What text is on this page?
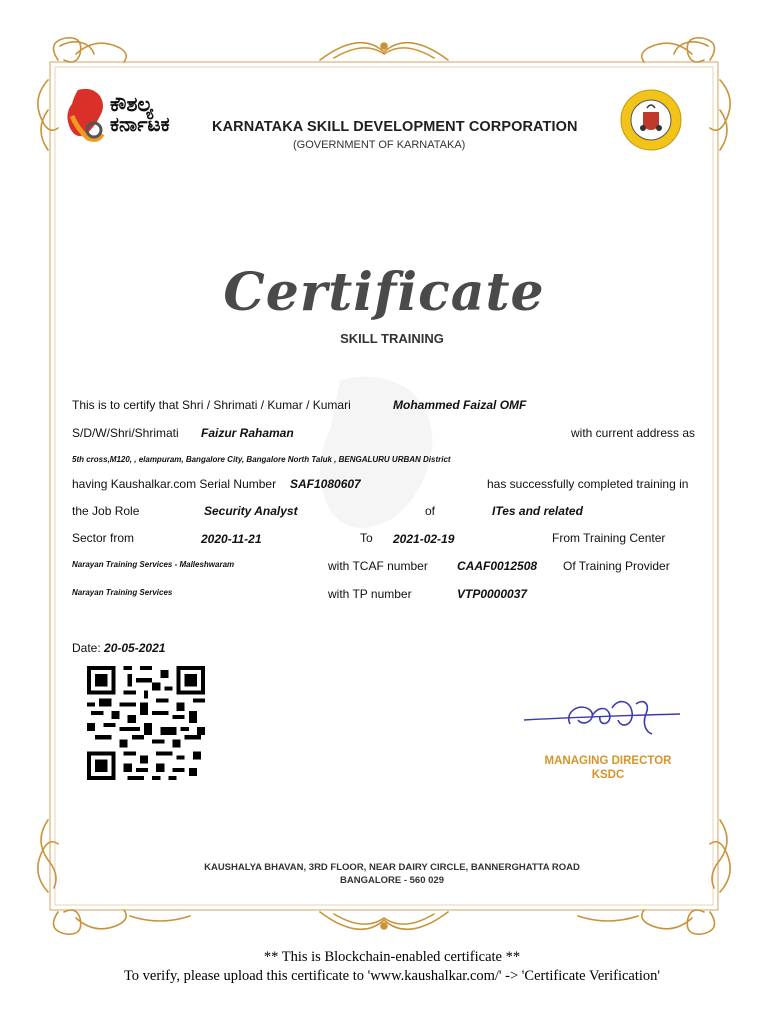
ಕೌಶಲ್ಯ
ಕರ್ನಾಟಕ	KARNATAKA SKILL DEVELOPMENT CORPORATION
(GOVERNMENT OF KARNATAKA)
Certificate
SKILL TRAINING
This is to certify that Shri / Shrimati / Kumar / Kumari	Mohammed Faizal OMF
S/D/W/Shri/Shrimati Faizur Rahaman	with current address as
5th cross,M120, , elampuram, Bangalore City, Bangalore North Taluk , BENGALURU URBAN District
having Kaushalkar.com Serial Number SAF1080607	has successfully completed training in
the Job Role	Security Analyst	of	ITes and related
Sector from	2020-11-21	To 2021-02-19	From Training Center
Narayan Training Services - Malleshwaram	with TCAF number CAAF0012508 Of Training Provider
Narayan Training Services	with TP number	VTP0000037
Date: 20-05-2021
MANAGING DIRECTOR
KSDC
KAUSHALYA BHAVAN, 3RD FLOOR, NEAR DAIRY CIRCLE, BANNERGHATTA ROAD
BANGALORE - 560 029
** This is Blockchain-enabled certificate **
To verify, please upload this certificate to 'www.kaushalkar.com/' -> 'Certificate Verification'
